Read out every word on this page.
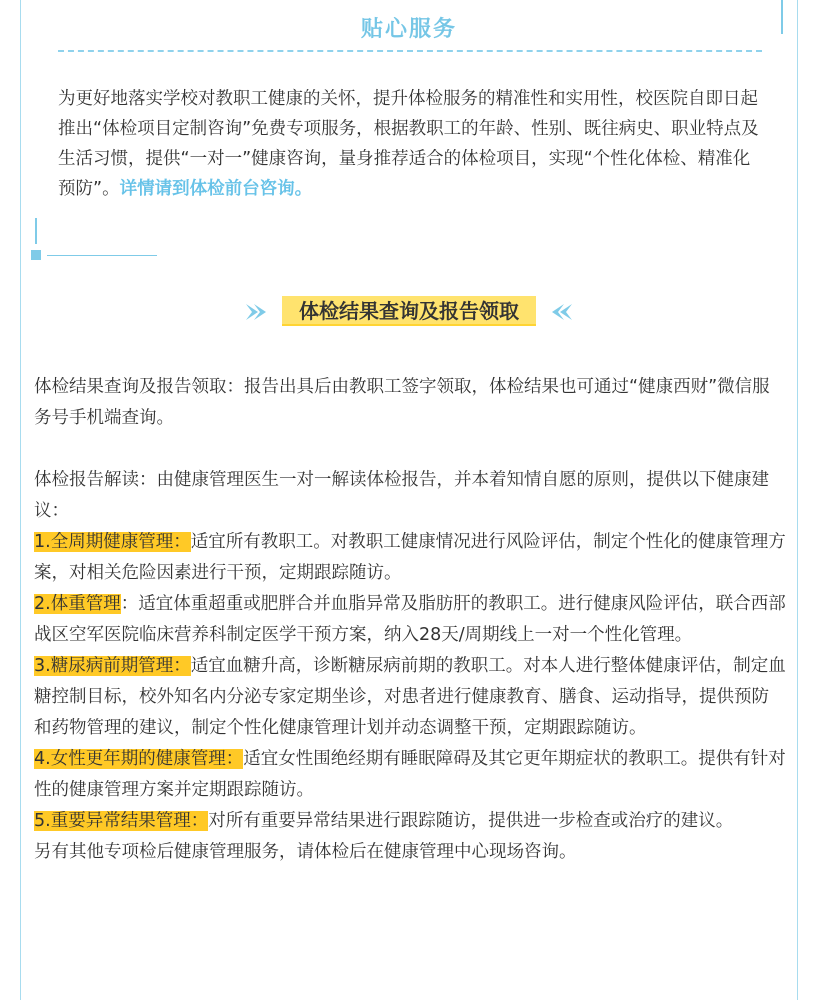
贴心服务
为更好地落实学校对教职工健康的关怀，提升体检服务的精准性和实用性，校医院自即日起推出“体检项目定制咨询”免费专项服务，根据教职工的年龄、性别、既往病史、职业特点及生活习惯，提供“一对一”健康咨询，量身推荐适合的体检项目，实现“个性化体检、精准化预防”。详情请到体检前台咨询。
体检结果查询及报告领取

体检结果查询及报告领取：报告出具后由教职工签字领取，体检结果也可通过“健康西财”微信服务号手机端查询。

体检报告解读：由健康管理医生一对一解读体检报告，并本着知情自愿的原则，提供以下健康建议：

1.全周期健康管理：适宜所有教职工。对教职工健康情况进行风险评估，制定个性化的健康管理方案，对相关危险因素进行干预，定期跟踪随访。

2.体重管理：适宜体重超重或肥胖合并血脂异常及脂肪肝的教职工。进行健康风险评估，联合西部战区空军医院临床营养科制定医学干预方案，纳入28天/周期线上一对一个性化管理。

3.糖尿病前期管理：适宜血糖升高，诊断糖尿病前期的教职工。对本人进行整体健康评估，制定血糖控制目标，校外知名内分泌专家定期坐诊，对患者进行健康教育、膳食、运动指导，提供预防和药物管理的建议，制定个性化健康管理计划并动态调整干预，定期跟踪随访。

4.女性更年期的健康管理：适宜女性围绝经期有睡眠障碍及其它更年期症状的教职工。提供有针对性的健康管理方案并定期跟踪随访。

5.重要异常结果管理：对所有重要异常结果进行跟踪随访，提供进一步检查或治疗的建议。

另有其他专项检后健康管理服务，请体检后在健康管理中心现场咨询。
